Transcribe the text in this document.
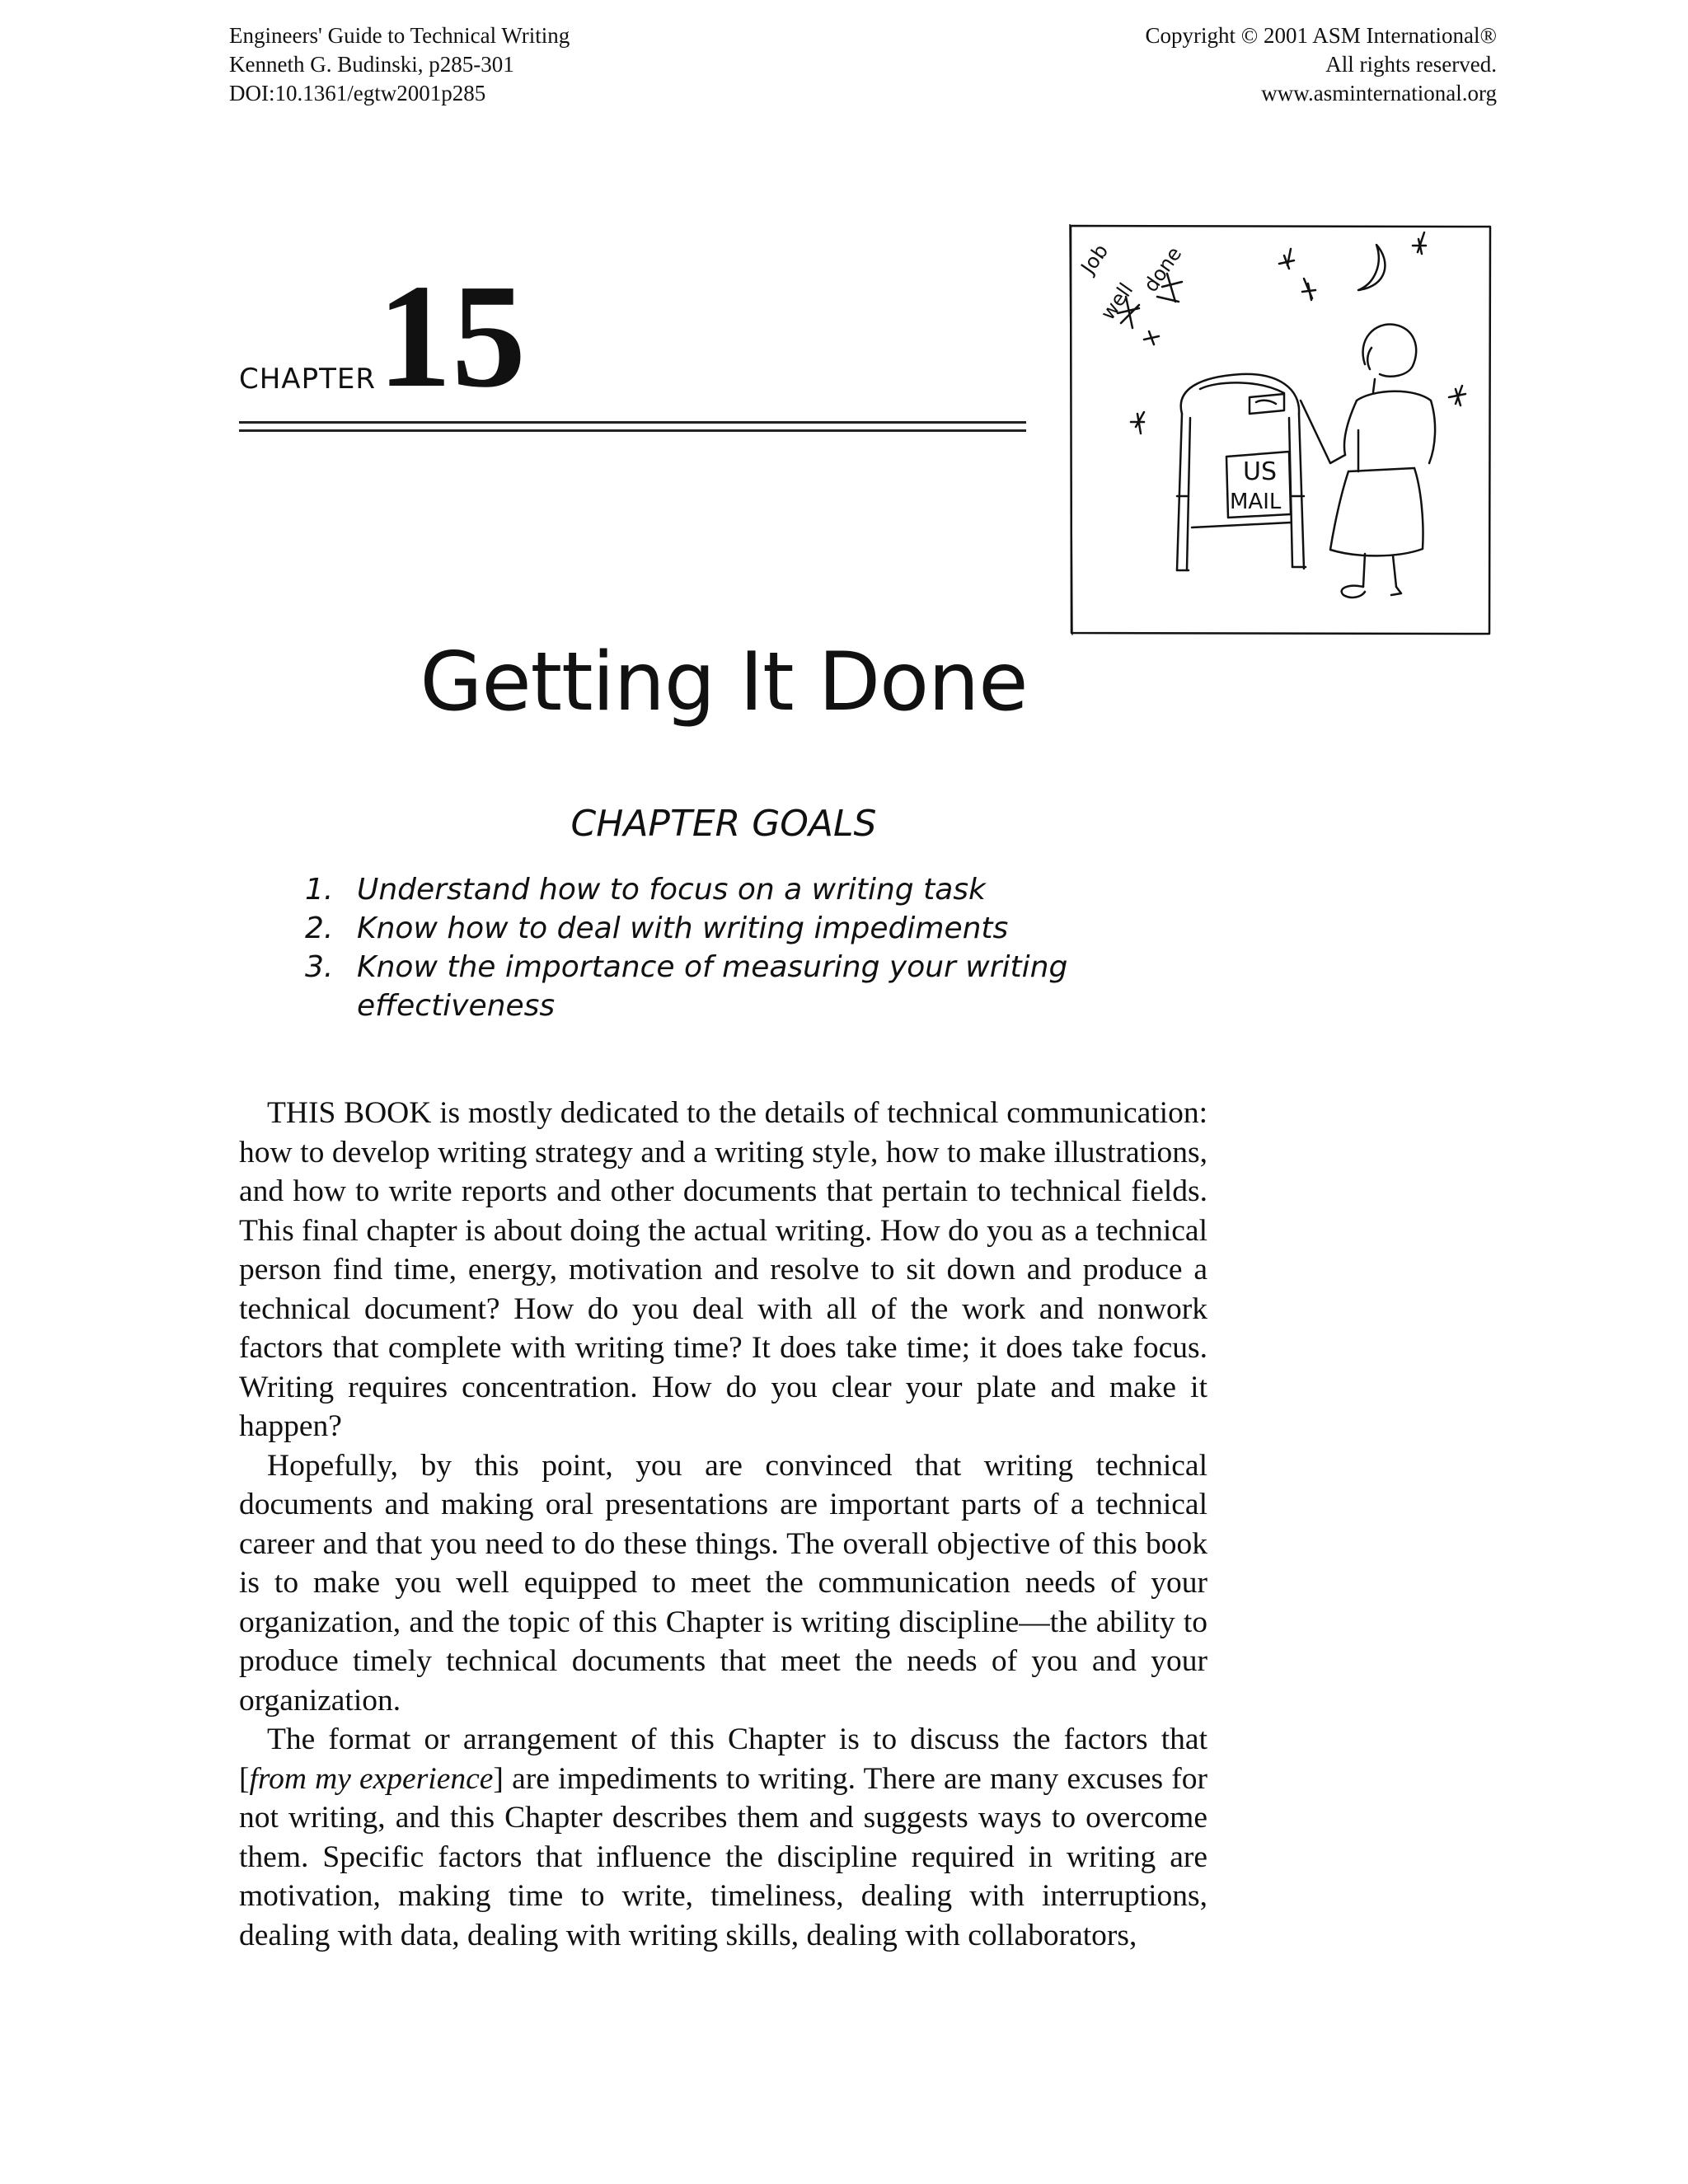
Engineers' Guide to Technical Writing
Kenneth G. Budinski, p285-301
DOI:10.1361/egtw2001p285
Copyright © 2001 ASM International®
All rights reserved.
www.asminternational.org
CHAPTER 15	Job
well
done
US
MAIL
Getting It Done
CHAPTER GOALS
1. Understand how to focus on a writing task
2. Know how to deal with writing impediments
3. Know the importance of measuring your writing effectiveness

THIS BOOK is mostly dedicated to the details of technical communication: how to develop writing strategy and a writing style, how to make illustrations, and how to write reports and other documents that pertain to technical fields. This final chapter is about doing the actual writing. How do you as a technical person find time, energy, motivation and resolve to sit down and produce a technical document? How do you deal with all of the work and nonwork factors that complete with writing time? It does take time; it does take focus. Writing requires concentration. How do you clear your plate and make it happen?

Hopefully, by this point, you are convinced that writing technical documents and making oral presentations are important parts of a technical career and that you need to do these things. The overall objective of this book is to make you well equipped to meet the communication needs of your organization, and the topic of this Chapter is writing discipline—the ability to produce timely technical documents that meet the needs of you and your organization.

The format or arrangement of this Chapter is to discuss the factors that [from my experience] are impediments to writing. There are many excuses for not writing, and this Chapter describes them and suggests ways to overcome them. Specific factors that influence the discipline required in writing are motivation, making time to write, timeliness, dealing with interruptions, dealing with data, dealing with writing skills, dealing with collaborators,
